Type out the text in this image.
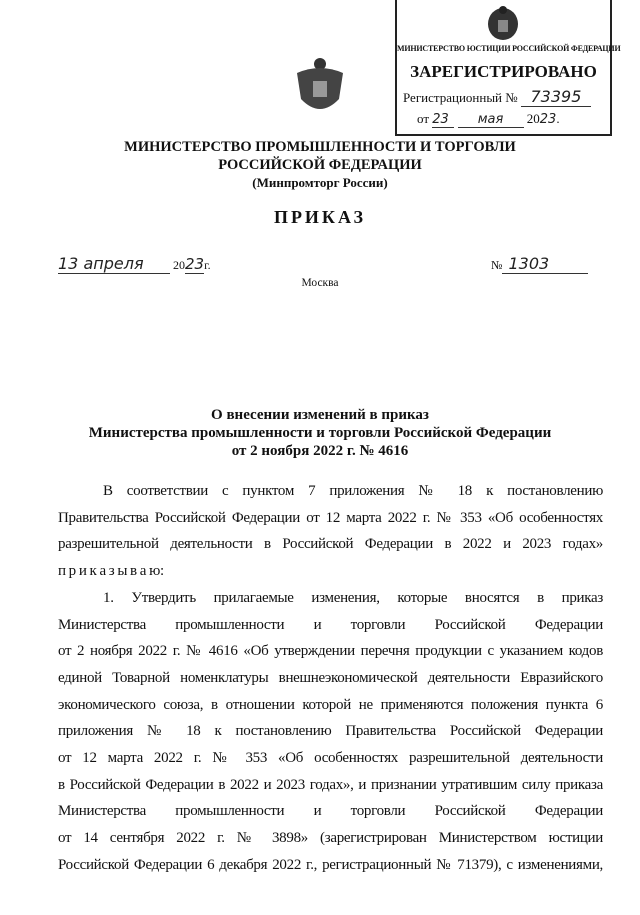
МИНИСТЕРСТВО ЮСТИЦИИ РОССИЙСКОЙ ФЕДЕРАЦИИ
ЗАРЕГИСТРИРОВАНО
Регистрационный № 73395
от 23 мая 2023.
МИНИСТЕРСТВО ПРОМЫШЛЕННОСТИ И ТОРГОВЛИ
РОССИЙСКОЙ ФЕДЕРАЦИИ
(Минпромторг России)
ПРИКАЗ
13 апреля 2023г.	№ 1303
Москва
О внесении изменений в приказ
Министерства промышленности и торговли Российской Федерации
от 2 ноября 2022 г. № 4616
В соответствии с пунктом 7 приложения № 18 к постановлению
Правительства Российской Федерации от 12 марта 2022 г. № 353 «Об особенностях
разрешительной деятельности в Российской Федерации в 2022 и 2023 годах»
п р и к а з ы в а ю:
1. Утвердить прилагаемые изменения, которые вносятся в приказ
Министерства промышленности и торговли Российской Федерации
от 2 ноября 2022 г. № 4616 «Об утверждении перечня продукции с указанием кодов
единой Товарной номенклатуры внешнеэкономической деятельности Евразийского
экономического союза, в отношении которой не применяются положения пункта 6
приложения № 18 к постановлению Правительства Российской Федерации
от 12 марта 2022 г. № 353 «Об особенностях разрешительной деятельности
в Российской Федерации в 2022 и 2023 годах», и признании утратившим силу приказа
Министерства промышленности и торговли Российской Федерации
от 14 сентября 2022 г. № 3898» (зарегистрирован Министерством юстиции
Российской Федерации 6 декабря 2022 г., регистрационный № 71379), с изменениями,
